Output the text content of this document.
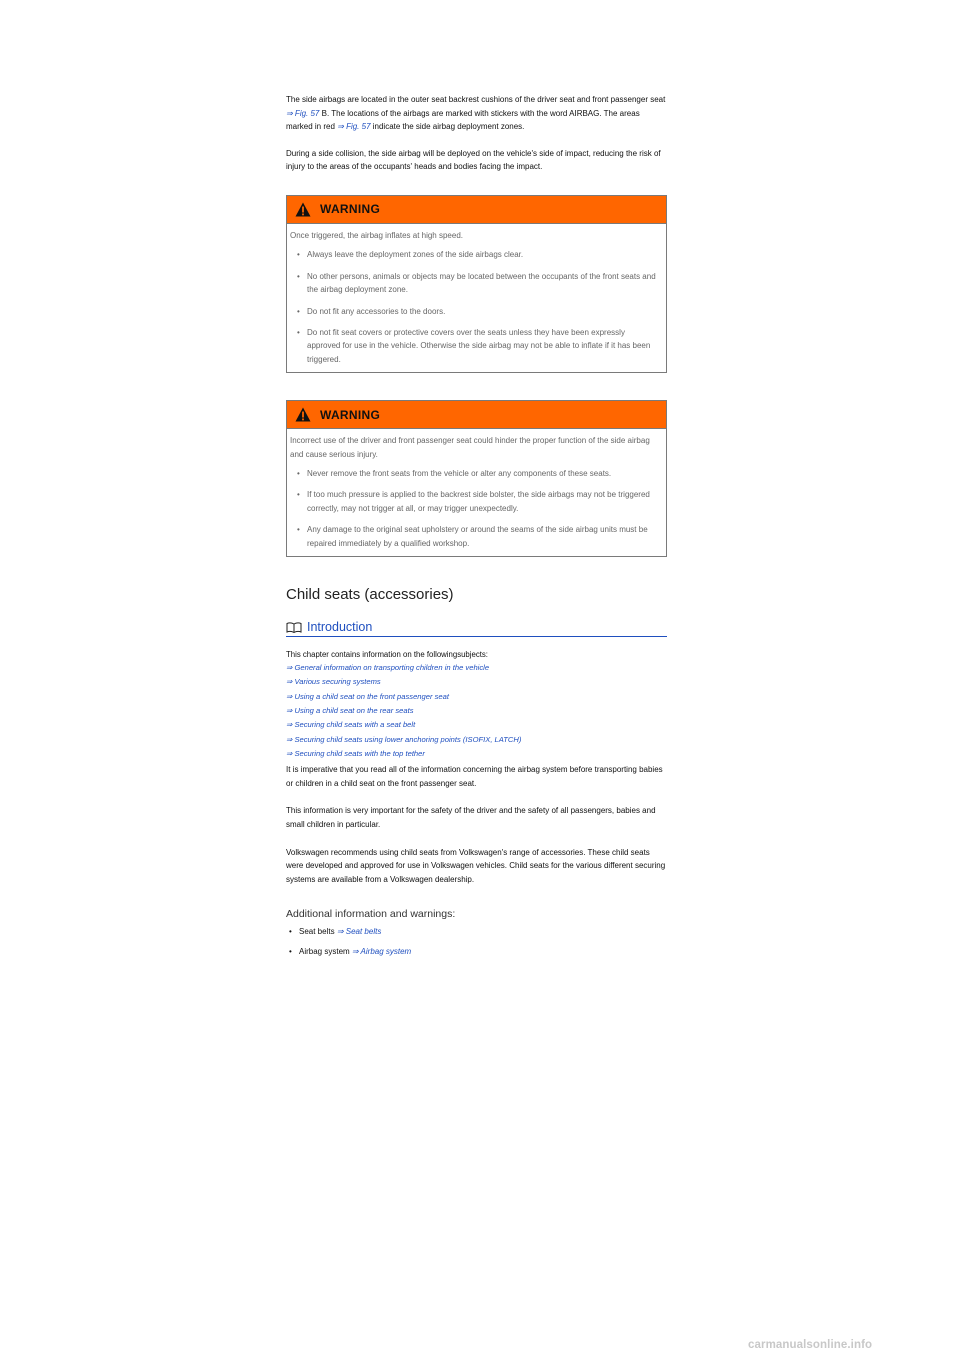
The side airbags are located in the outer seat backrest cushions of the driver seat and front passenger seat ⇒ Fig. 57 B. The locations of the airbags are marked with stickers with the word AIRBAG. The areas marked in red ⇒ Fig. 57 indicate the side airbag deployment zones.

During a side collision, the side airbag will be deployed on the vehicle's side of impact, reducing the risk of injury to the areas of the occupants' heads and bodies facing the impact.

WARNING

Once triggered, the airbag inflates at high speed.

• Always leave the deployment zones of the side airbags clear.
• No other persons, animals or objects may be located between the occupants of the front seats and the airbag deployment zone.
• Do not fit any accessories to the doors.
• Do not fit seat covers or protective covers over the seats unless they have been expressly approved for use in the vehicle. Otherwise the side airbag may not be able to inflate if it has been triggered.
WARNING

Incorrect use of the driver and front passenger seat could hinder the proper function of the side airbag and cause serious injury.

• Never remove the front seats from the vehicle or alter any components of these seats.
• If too much pressure is applied to the backrest side bolster, the side airbags may not be triggered correctly, may not trigger at all, or may trigger unexpectedly.
• Any damage to the original seat upholstery or around the seams of the side airbag units must be repaired immediately by a qualified workshop.
Child seats (accessories)
Introduction

This chapter contains information on the followingsubjects:

⇒ General information on transporting children in the vehicle
⇒ Various securing systems
⇒ Using a child seat on the front passenger seat
⇒ Using a child seat on the rear seats
⇒ Securing child seats with a seat belt
⇒ Securing child seats using lower anchoring points (ISOFIX, LATCH)
⇒ Securing child seats with the top tether

It is imperative that you read all of the information concerning the airbag system before transporting babies or children in a child seat on the front passenger seat.

This information is very important for the safety of the driver and the safety of all passengers, babies and small children in particular.

Volkswagen recommends using child seats from Volkswagen's range of accessories. These child seats were developed and approved for use in Volkswagen vehicles. Child seats for the various different securing systems are available from a Volkswagen dealership.

Additional information and warnings:
• Seat belts ⇒ Seat belts
• Airbag system ⇒ Airbag system
carmanualsonline.info
